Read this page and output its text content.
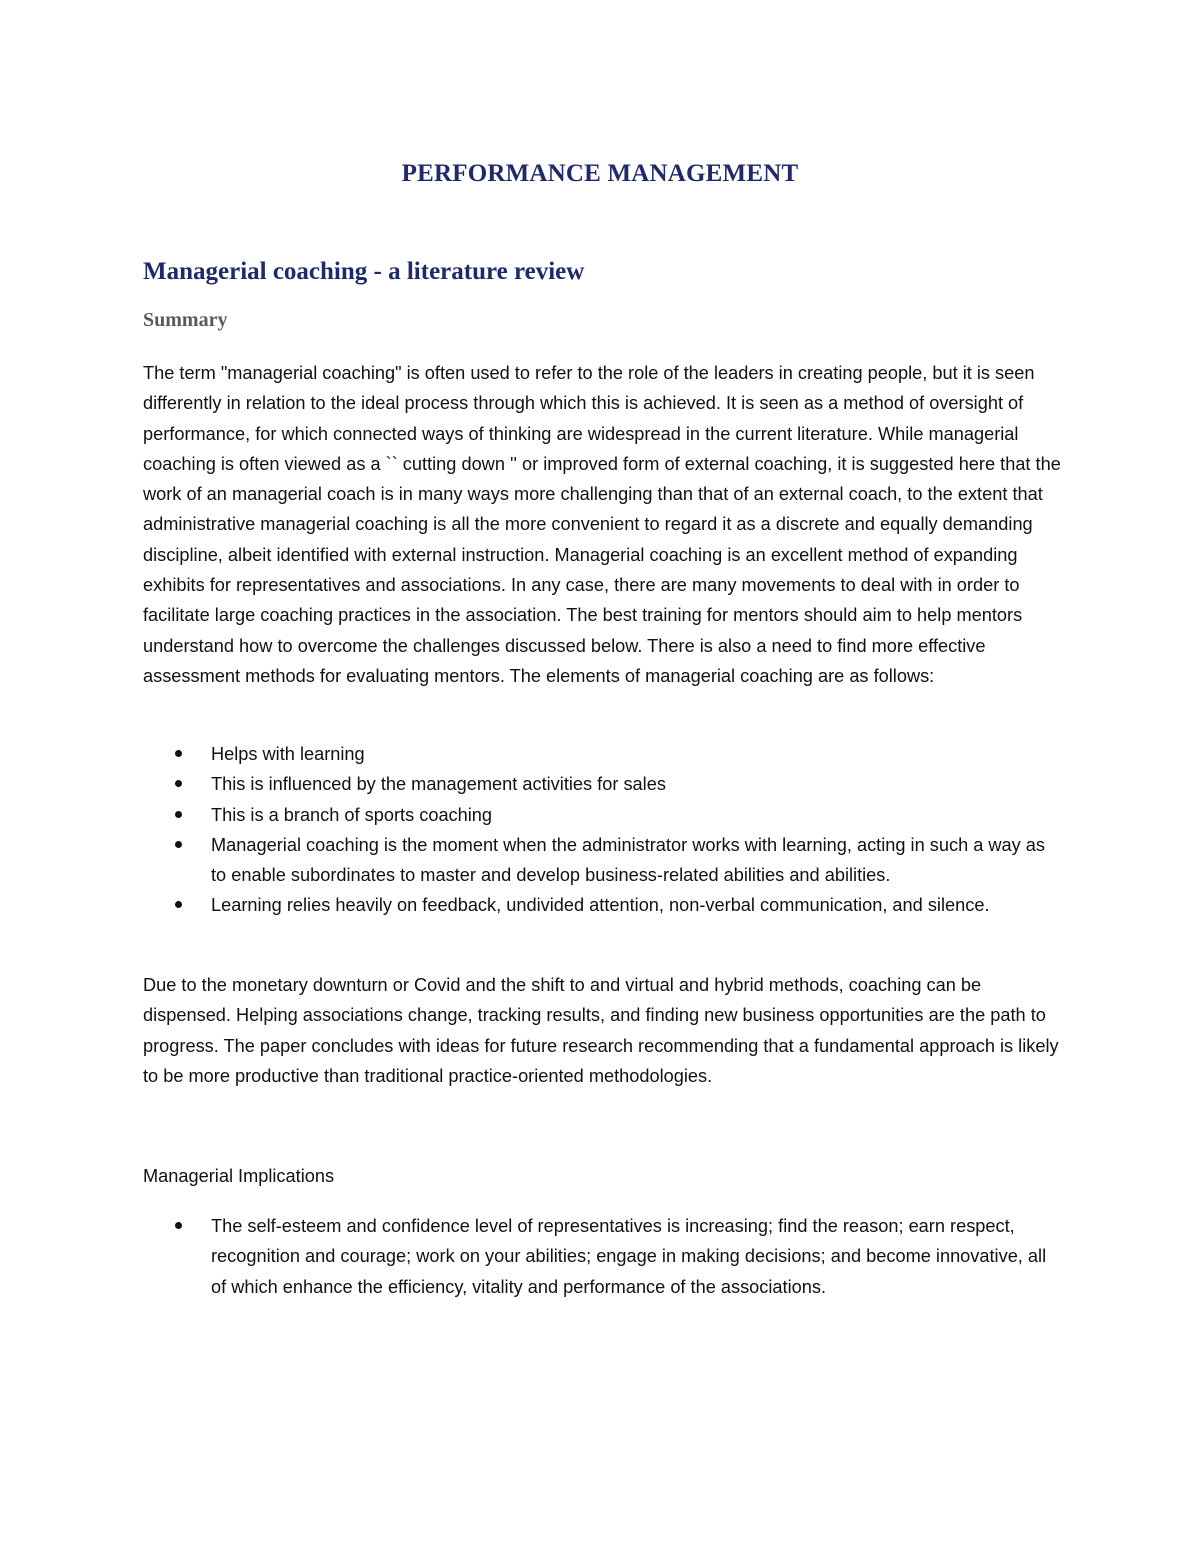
PERFORMANCE MANAGEMENT
Managerial coaching - a literature review
Summary

The term "managerial coaching" is often used to refer to the role of the leaders in creating people, but it is seen differently in relation to the ideal process through which this is achieved. It is seen as a method of oversight of performance, for which connected ways of thinking are widespread in the current literature. While managerial coaching is often viewed as a `` cutting down '' or improved form of external coaching, it is suggested here that the work of an managerial coach is in many ways more challenging than that of an external coach, to the extent that administrative managerial coaching is all the more convenient to regard it as a discrete and equally demanding discipline, albeit identified with external instruction. Managerial coaching is an excellent method of expanding exhibits for representatives and associations. In any case, there are many movements to deal with in order to facilitate large coaching practices in the association. The best training for mentors should aim to help mentors understand how to overcome the challenges discussed below. There is also a need to find more effective assessment methods for evaluating mentors. The elements of managerial coaching are as follows:

Helps with learning
This is influenced by the management activities for sales
This is a branch of sports coaching
Managerial coaching is the moment when the administrator works with learning, acting in such a way as to enable subordinates to master and develop business-related abilities and abilities.
Learning relies heavily on feedback, undivided attention, non-verbal communication, and silence.

Due to the monetary downturn or Covid and the shift to and virtual and hybrid methods, coaching can be dispensed. Helping associations change, tracking results, and finding new business opportunities are the path to progress. The paper concludes with ideas for future research recommending that a fundamental approach is likely to be more productive than traditional practice-oriented methodologies.

Managerial Implications

The self-esteem and confidence level of representatives is increasing; find the reason; earn respect, recognition and courage; work on your abilities; engage in making decisions; and become innovative, all of which enhance the efficiency, vitality and performance of the associations.
